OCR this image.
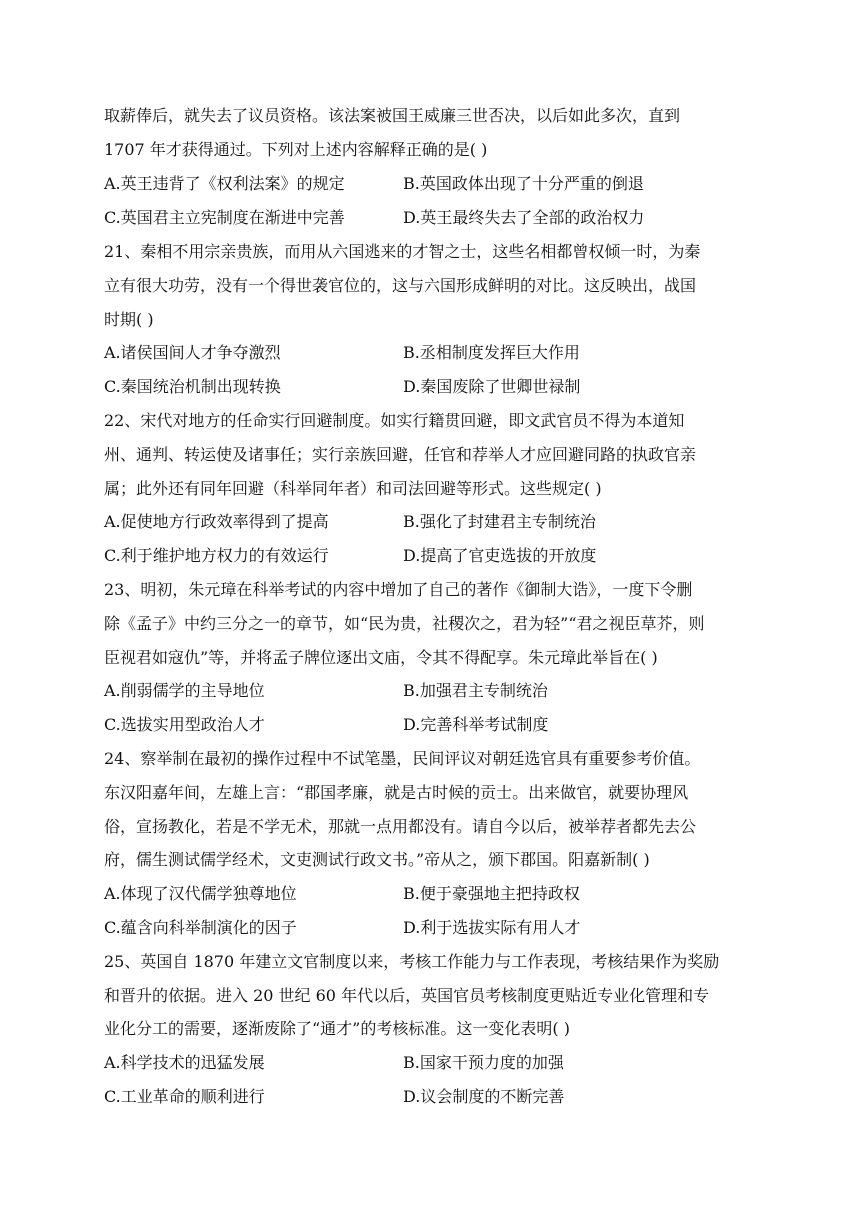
取薪俸后，就失去了议员资格。该法案被国王威廉三世否决，以后如此多次，直到
1707 年才获得通过。下列对上述内容解释正确的是( )
A.英王违背了《权利法案》的规定	B.英国政体出现了十分严重的倒退
C.英国君主立宪制度在渐进中完善	D.英王最终失去了全部的政治权力
21、秦相不用宗亲贵族，而用从六国逃来的才智之士，这些名相都曾权倾一时，为秦
立有很大功劳，没有一个得世袭官位的，这与六国形成鲜明的对比。这反映出，战国
时期( )
A.诸侯国间人才争夺激烈	B.丞相制度发挥巨大作用
C.秦国统治机制出现转换	D.秦国废除了世卿世禄制
22、宋代对地方的任命实行回避制度。如实行籍贯回避，即文武官员不得为本道知
州、通判、转运使及诸事任；实行亲族回避，任官和荐举人才应回避同路的执政官亲
属；此外还有同年回避（科举同年者）和司法回避等形式。这些规定( )
A.促使地方行政效率得到了提高	B.强化了封建君主专制统治
C.利于维护地方权力的有效运行	D.提高了官吏选拔的开放度
23、明初，朱元璋在科举考试的内容中增加了自己的著作《御制大诰》，一度下令删
除《孟子》中约三分之一的章节，如“民为贵，社稷次之，君为轻”“君之视臣草芥，则
臣视君如寇仇”等，并将孟子牌位逐出文庙，令其不得配享。朱元璋此举旨在( )
A.削弱儒学的主导地位	B.加强君主专制统治
C.选拔实用型政治人才	D.完善科举考试制度
24、察举制在最初的操作过程中不试笔墨，民间评议对朝廷选官具有重要参考价值。
东汉阳嘉年间，左雄上言：“郡国孝廉，就是古时候的贡士。出来做官，就要协理风
俗，宣扬教化，若是不学无术，那就一点用都没有。请自今以后，被举荐者都先去公
府，儒生测试儒学经术，文吏测试行政文书。”帝从之，颁下郡国。阳嘉新制( )
A.体现了汉代儒学独尊地位	B.便于豪强地主把持政权
C.蕴含向科举制演化的因子	D.利于选拔实际有用人才
25、英国自 1870 年建立文官制度以来，考核工作能力与工作表现，考核结果作为奖励
和晋升的依据。进入 20 世纪 60 年代以后，英国官员考核制度更贴近专业化管理和专
业化分工的需要，逐渐废除了“通才”的考核标准。这一变化表明( )
A.科学技术的迅猛发展	B.国家干预力度的加强
C.工业革命的顺利进行	D.议会制度的不断完善
